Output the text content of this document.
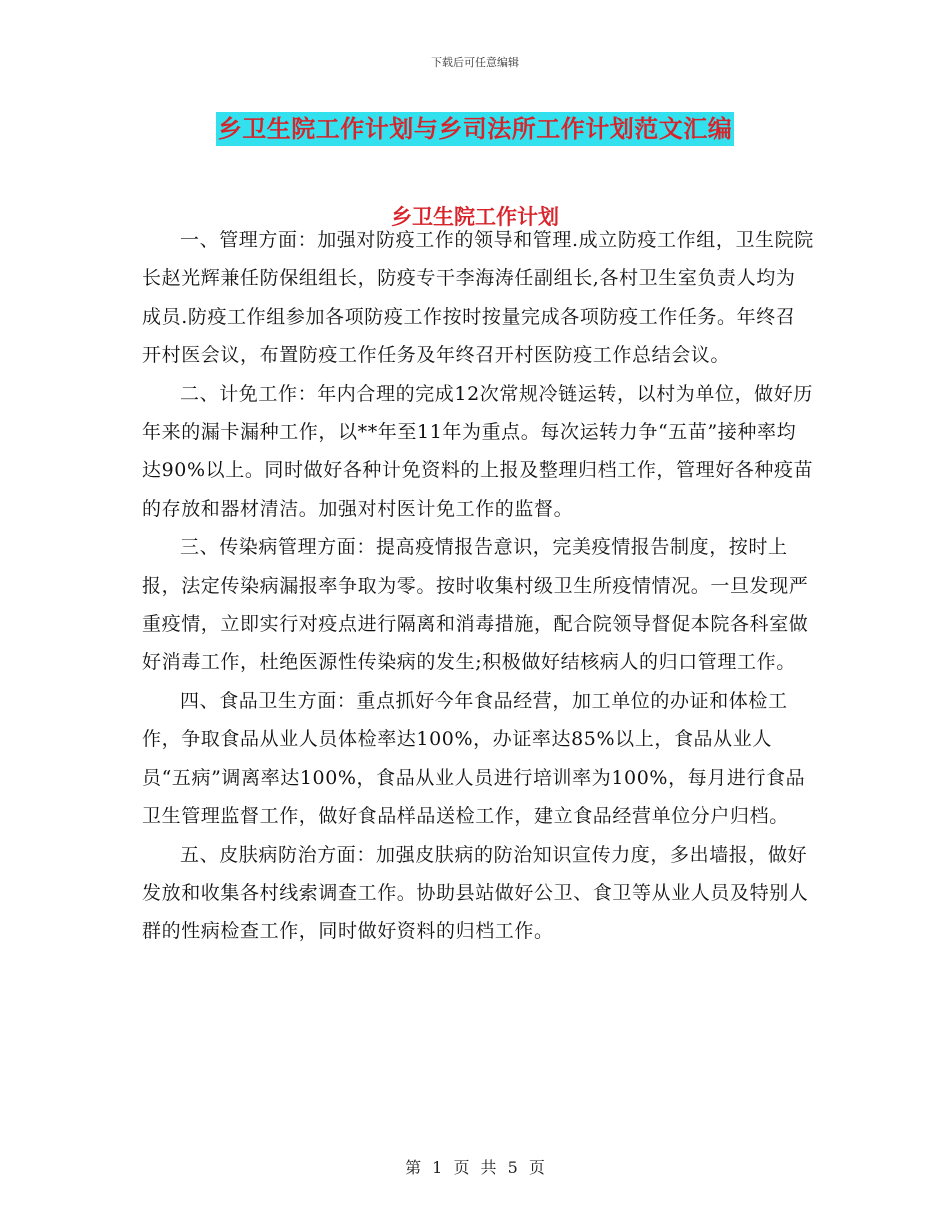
下载后可任意编辑
乡卫生院工作计划与乡司法所工作计划范文汇编
乡卫生院工作计划

一、管理方面：加强对防疫工作的领导和管理.成立防疫工作组，卫生院院长赵光辉兼任防保组组长，防疫专干李海涛任副组长,各村卫生室负责人均为成员.防疫工作组参加各项防疫工作按时按量完成各项防疫工作任务。年终召开村医会议，布置防疫工作任务及年终召开村医防疫工作总结会议。

二、计免工作：年内合理的完成12次常规冷链运转，以村为单位，做好历年来的漏卡漏种工作，以**年至11年为重点。每次运转力争“五苗”接种率均达90%以上。同时做好各种计免资料的上报及整理归档工作，管理好各种疫苗的存放和器材清洁。加强对村医计免工作的监督。

三、传染病管理方面：提高疫情报告意识，完美疫情报告制度，按时上报，法定传染病漏报率争取为零。按时收集村级卫生所疫情情况。一旦发现严重疫情，立即实行对疫点进行隔离和消毒措施，配合院领导督促本院各科室做好消毒工作，杜绝医源性传染病的发生;积极做好结核病人的归口管理工作。

四、食品卫生方面：重点抓好今年食品经营，加工单位的办证和体检工作，争取食品从业人员体检率达100%，办证率达85%以上，食品从业人员“五病”调离率达100%，食品从业人员进行培训率为100%，每月进行食品卫生管理监督工作，做好食品样品送检工作，建立食品经营单位分户归档。

五、皮肤病防治方面：加强皮肤病的防治知识宣传力度，多出墙报，做好发放和收集各村线索调查工作。协助县站做好公卫、食卫等从业人员及特别人群的性病检查工作，同时做好资料的归档工作。

第 1 页 共 5 页
